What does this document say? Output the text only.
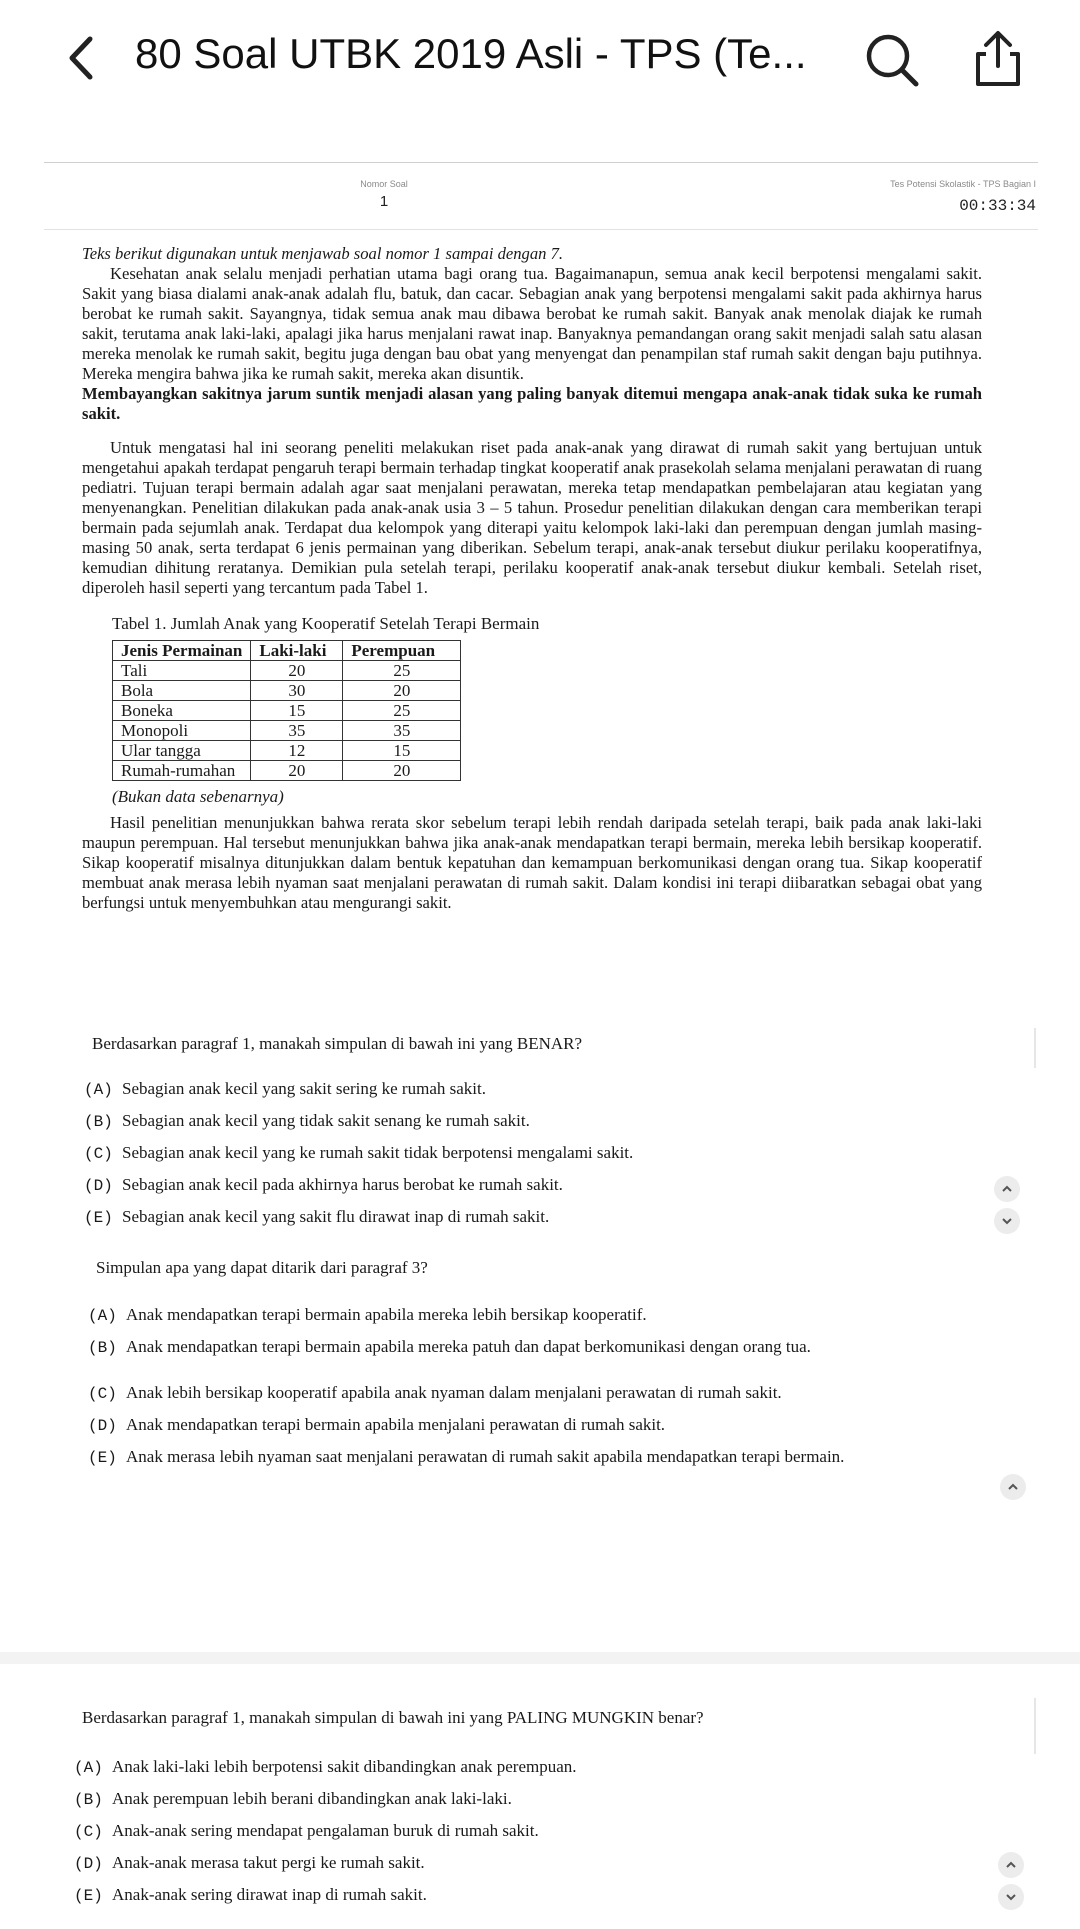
80 Soal UTBK 2019 Asli - TPS (Te...
Nomor Soal
1
Tes Potensi Skolastik - TPS Bagian I
00:33:34

Teks berikut digunakan untuk menjawab soal nomor 1 sampai dengan 7.

Kesehatan anak selalu menjadi perhatian utama bagi orang tua. Bagaimanapun, semua anak kecil berpotensi mengalami sakit. Sakit yang biasa dialami anak-anak adalah flu, batuk, dan cacar. Sebagian anak yang berpotensi mengalami sakit pada akhirnya harus berobat ke rumah sakit. Sayangnya, tidak semua anak mau dibawa berobat ke rumah sakit. Banyak anak menolak diajak ke rumah sakit, terutama anak laki-laki, apalagi jika harus menjalani rawat inap. Banyaknya pemandangan orang sakit menjadi salah satu alasan mereka menolak ke rumah sakit, begitu juga dengan bau obat yang menyengat dan penampilan staf rumah sakit dengan baju putihnya. Mereka mengira bahwa jika ke rumah sakit, mereka akan disuntik.

Membayangkan sakitnya jarum suntik menjadi alasan yang paling banyak ditemui mengapa anak-anak tidak suka ke rumah sakit.

Untuk mengatasi hal ini seorang peneliti melakukan riset pada anak-anak yang dirawat di rumah sakit yang bertujuan untuk mengetahui apakah terdapat pengaruh terapi bermain terhadap tingkat kooperatif anak prasekolah selama menjalani perawatan di ruang pediatri. Tujuan terapi bermain adalah agar saat menjalani perawatan, mereka tetap mendapatkan pembelajaran atau kegiatan yang menyenangkan. Penelitian dilakukan pada anak-anak usia 3 – 5 tahun. Prosedur penelitian dilakukan dengan cara memberikan terapi bermain pada sejumlah anak. Terdapat dua kelompok yang diterapi yaitu kelompok laki-laki dan perempuan dengan jumlah masing-masing 50 anak, serta terdapat 6 jenis permainan yang diberikan. Sebelum terapi, anak-anak tersebut diukur perilaku kooperatifnya, kemudian dihitung reratanya. Demikian pula setelah terapi, perilaku kooperatif anak-anak tersebut diukur kembali. Setelah riset, diperoleh hasil seperti yang tercantum pada Tabel 1.

Tabel 1. Jumlah Anak yang Kooperatif Setelah Terapi Bermain
Jenis Permainan	Laki-laki	Perempuan
Tali	20	25
Bola	30	20
Boneka	15	25
Monopoli	35	35
Ular tangga	12	15
Rumah-rumahan	20	20
(Bukan data sebenarnya)

Hasil penelitian menunjukkan bahwa rerata skor sebelum terapi lebih rendah daripada setelah terapi, baik pada anak laki-laki maupun perempuan. Hal tersebut menunjukkan bahwa jika anak-anak mendapatkan terapi bermain, mereka lebih bersikap kooperatif. Sikap kooperatif misalnya ditunjukkan dalam bentuk kepatuhan dan kemampuan berkomunikasi dengan orang tua. Sikap kooperatif membuat anak merasa lebih nyaman saat menjalani perawatan di rumah sakit. Dalam kondisi ini terapi diibaratkan sebagai obat yang berfungsi untuk menyembuhkan atau mengurangi sakit.

Berdasarkan paragraf 1, manakah simpulan di bawah ini yang BENAR?
(A) Sebagian anak kecil yang sakit sering ke rumah sakit.
(B) Sebagian anak kecil yang tidak sakit senang ke rumah sakit.
(C) Sebagian anak kecil yang ke rumah sakit tidak berpotensi mengalami sakit.
(D) Sebagian anak kecil pada akhirnya harus berobat ke rumah sakit.
(E) Sebagian anak kecil yang sakit flu dirawat inap di rumah sakit.
Simpulan apa yang dapat ditarik dari paragraf 3?
(A) Anak mendapatkan terapi bermain apabila mereka lebih bersikap kooperatif.
(B) Anak mendapatkan terapi bermain apabila mereka patuh dan dapat berkomunikasi dengan orang tua.
(C) Anak lebih bersikap kooperatif apabila anak nyaman dalam menjalani perawatan di rumah sakit.
(D) Anak mendapatkan terapi bermain apabila menjalani perawatan di rumah sakit.
(E) Anak merasa lebih nyaman saat menjalani perawatan di rumah sakit apabila mendapatkan terapi bermain.
Berdasarkan paragraf 1, manakah simpulan di bawah ini yang PALING MUNGKIN benar?
(A) Anak laki-laki lebih berpotensi sakit dibandingkan anak perempuan.
(B) Anak perempuan lebih berani dibandingkan anak laki-laki.
(C) Anak-anak sering mendapat pengalaman buruk di rumah sakit.
(D) Anak-anak merasa takut pergi ke rumah sakit.
(E) Anak-anak sering dirawat inap di rumah sakit.
